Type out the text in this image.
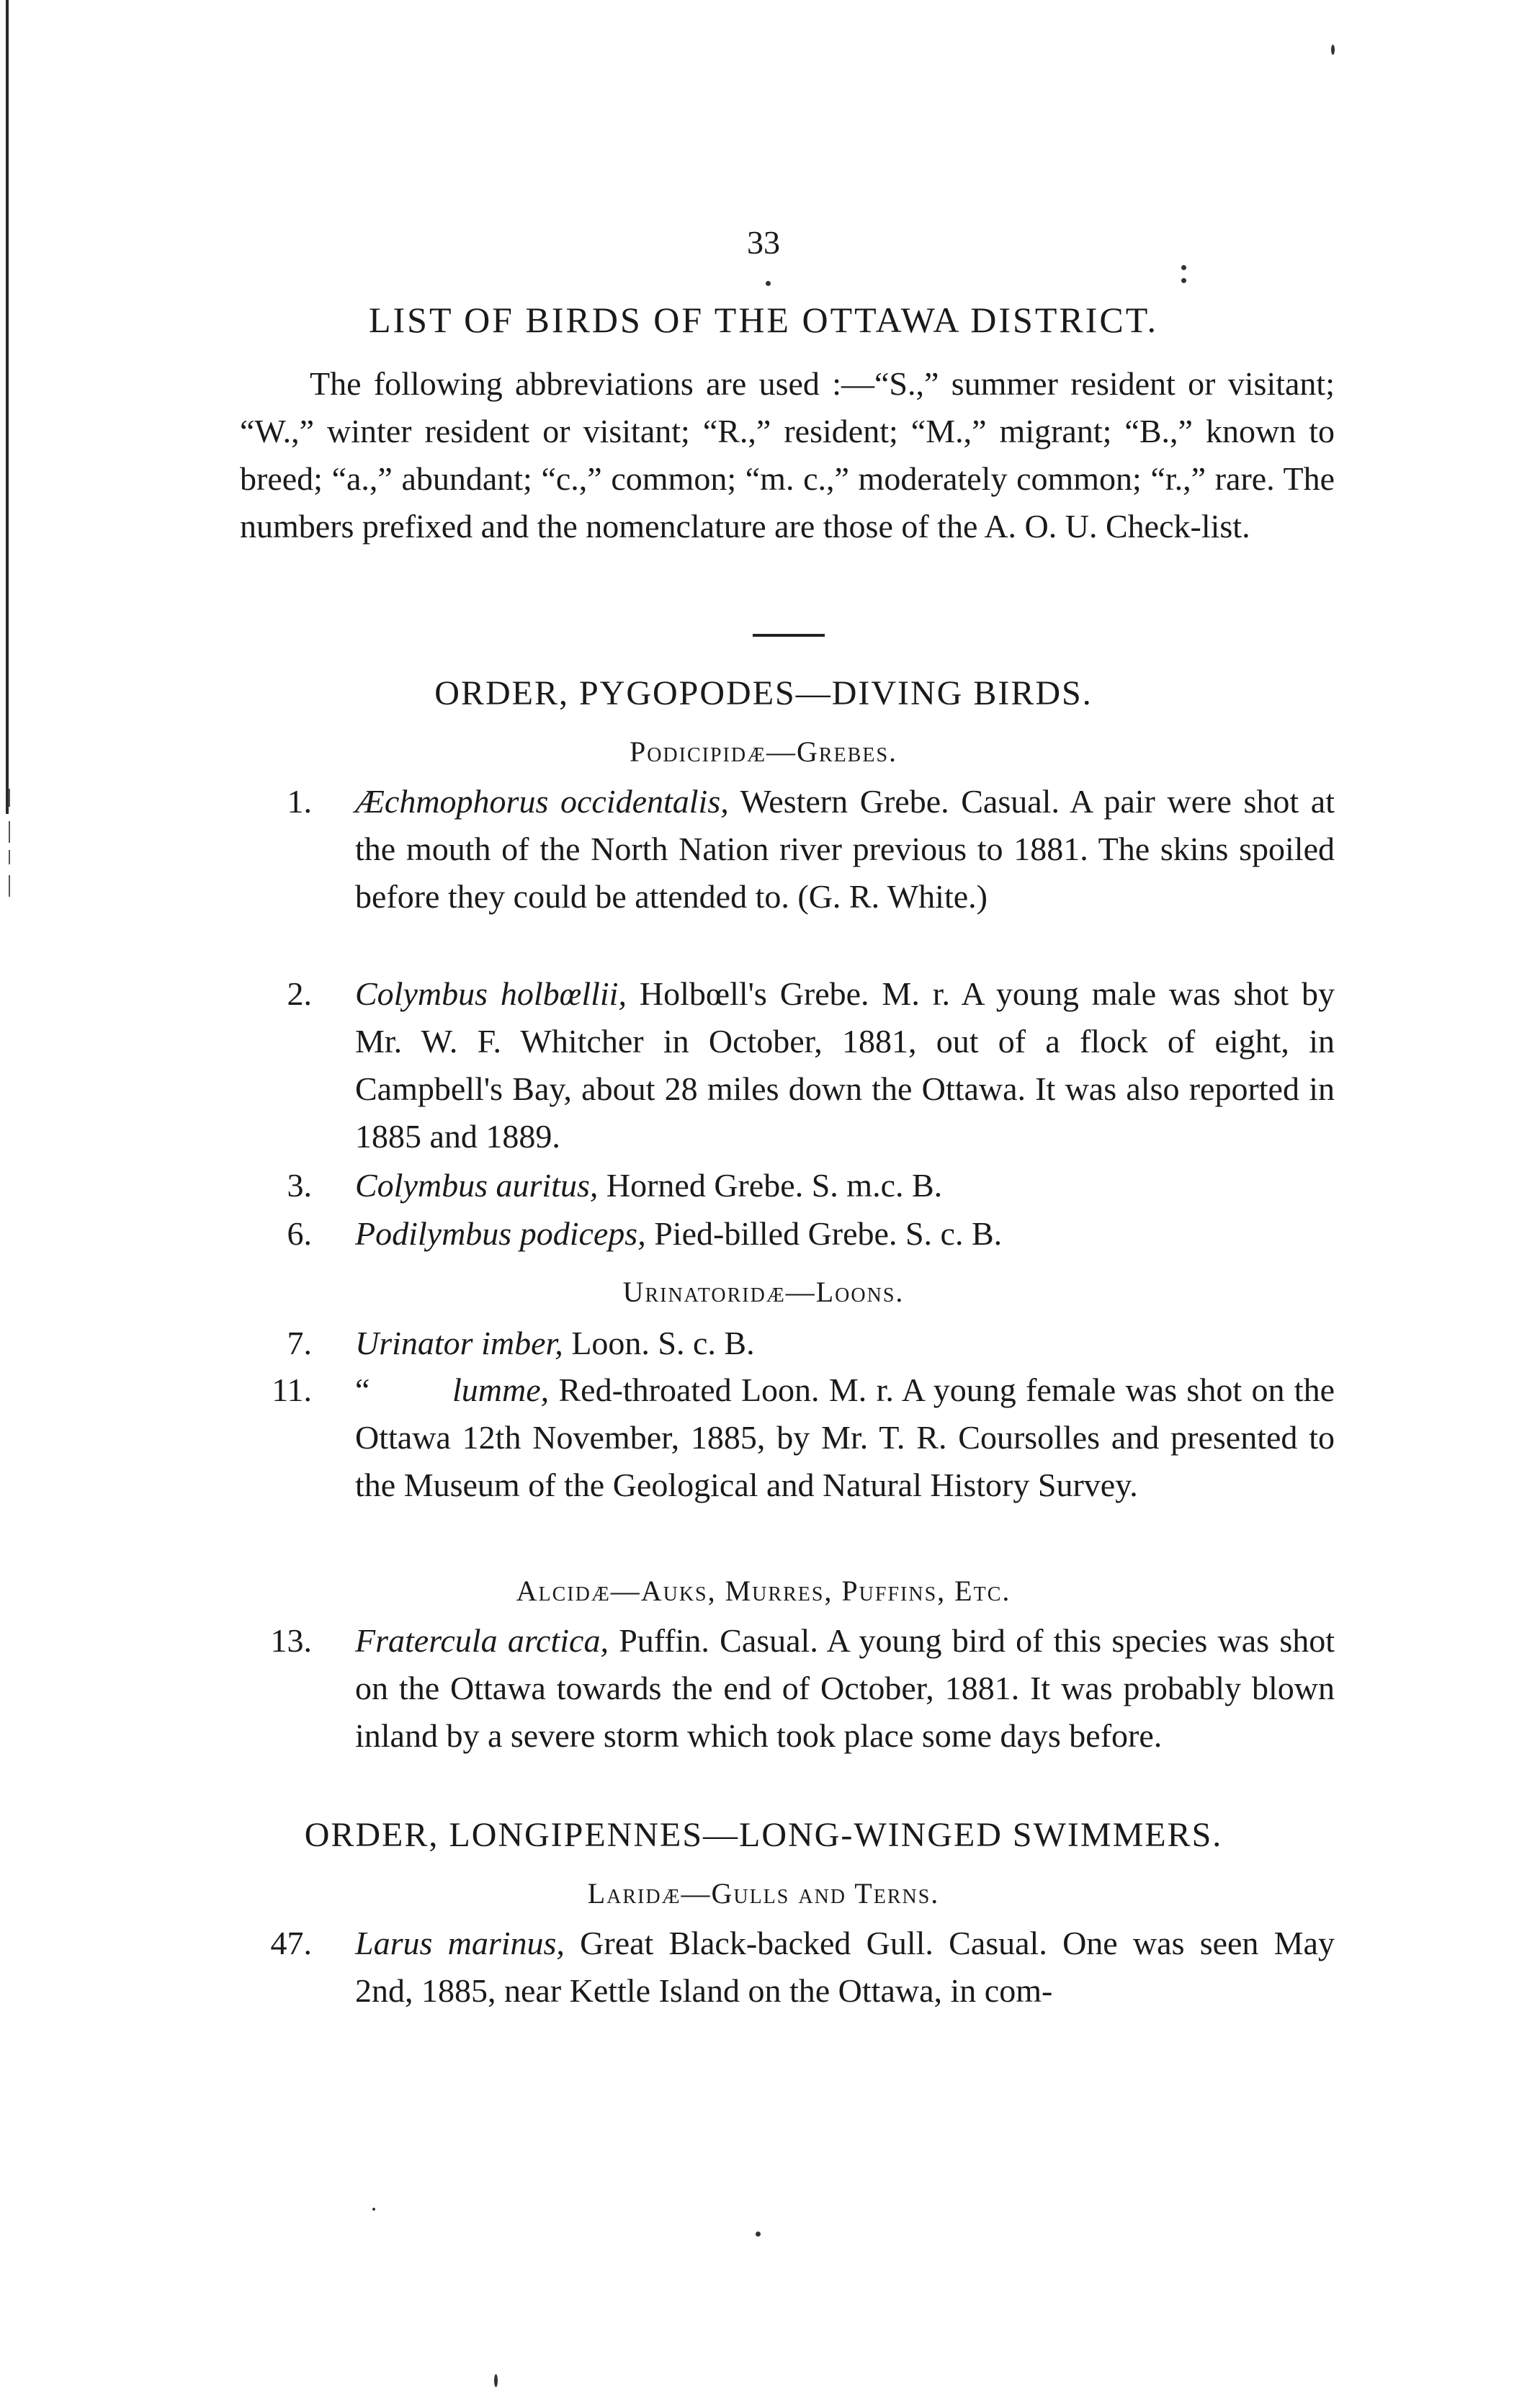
33
LIST OF BIRDS OF THE OTTAWA DISTRICT.

The following abbreviations are used :—“S.,” summer resident or visitant; “W.,” winter resident or visitant; “R.,” resident; “M.,” migrant; “B.,” known to breed; “a.,” abundant; “c.,” common; “m. c.,” moderately common; “r.,” rare. The numbers prefixed and the nomenclature are those of the A. O. U. Check-list.

ORDER, PYGOPODES—DIVING BIRDS.
Podicipidæ—Grebes.
1. Æchmophorus occidentalis, Western Grebe. Casual. A pair were shot at the mouth of the North Nation river previous to 1881. The skins spoiled before they could be attended to. (G. R. White.)
2. Colymbus holbœllii, Holbœll's Grebe. M. r. A young male was shot by Mr. W. F. Whitcher in October, 1881, out of a flock of eight, in Campbell's Bay, about 28 miles down the Ottawa. It was also reported in 1885 and 1889.
3. Colymbus auritus, Horned Grebe. S. m.c. B.
6. Podilymbus podiceps, Pied-billed Grebe. S. c. B.
Urinatoridæ—Loons.
7. Urinator imber, Loon. S. c. B.
11. “ lumme, Red-throated Loon. M. r. A young female was shot on the Ottawa 12th November, 1885, by Mr. T. R. Coursolles and presented to the Museum of the Geological and Natural History Survey.
Alcidæ—Auks, Murres, Puffins, Etc.
13. Fratercula arctica, Puffin. Casual. A young bird of this species was shot on the Ottawa towards the end of October, 1881. It was probably blown inland by a severe storm which took place some days before.
ORDER, LONGIPENNES—LONG-WINGED SWIMMERS.
Laridæ—Gulls and Terns.
47. Larus marinus, Great Black-backed Gull. Casual. One was seen May 2nd, 1885, near Kettle Island on the Ottawa, in com-
